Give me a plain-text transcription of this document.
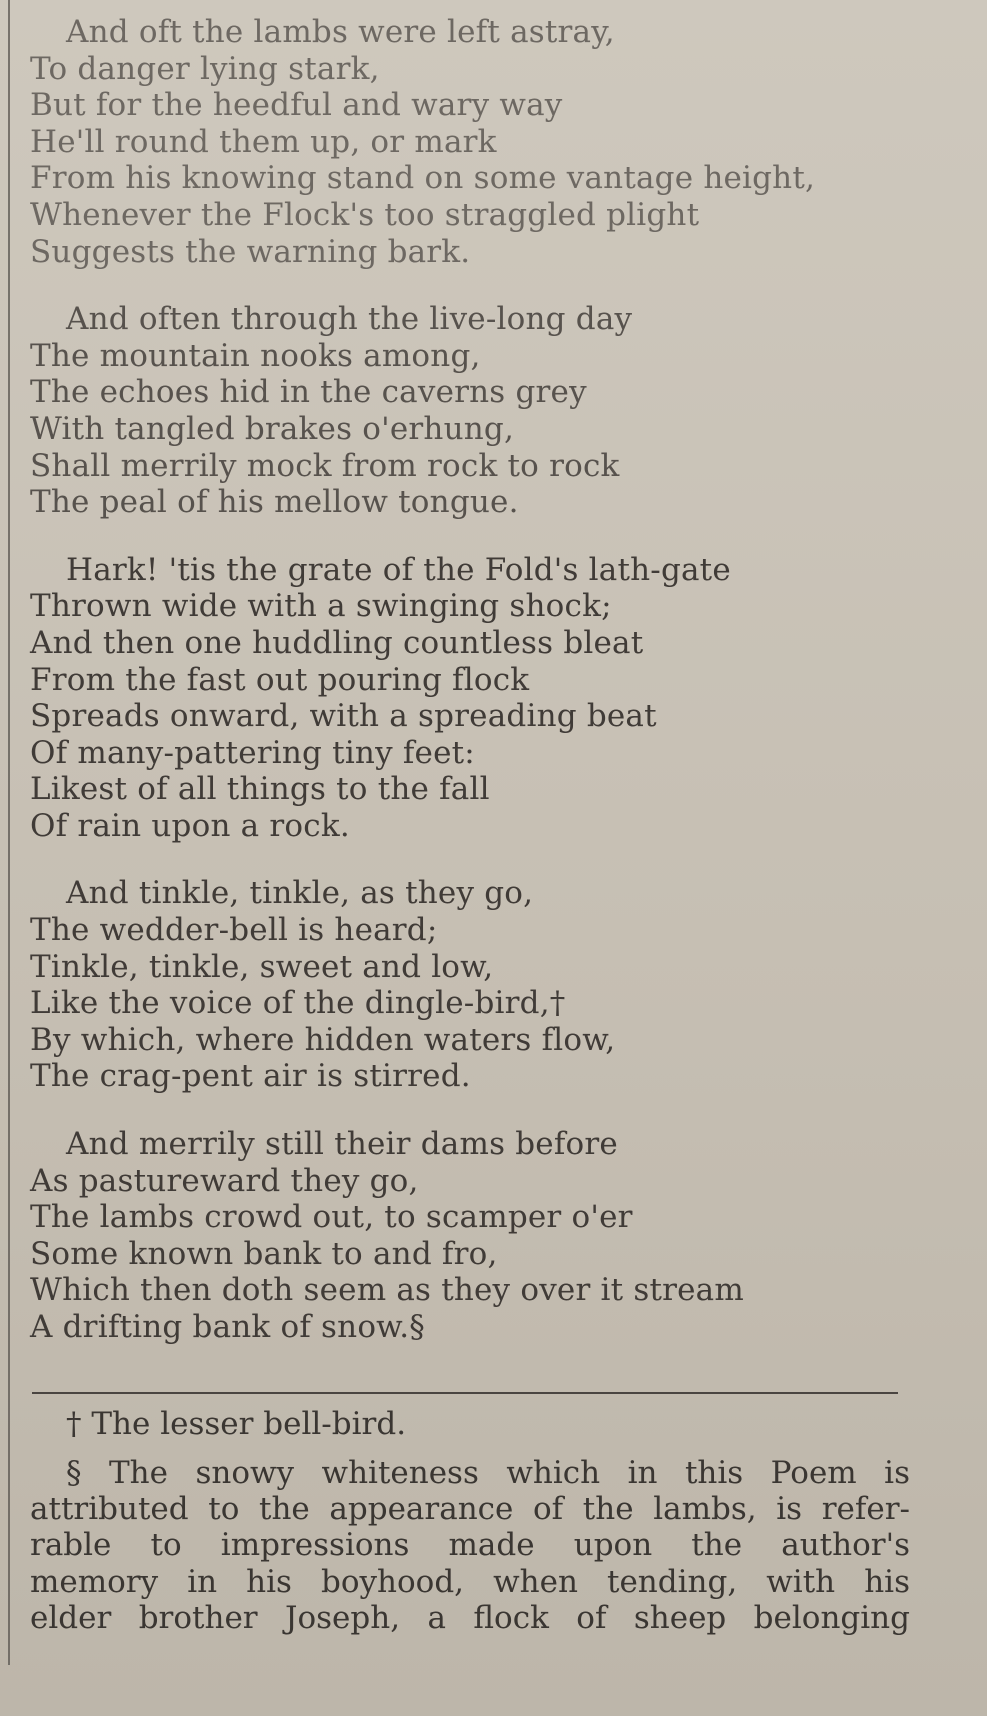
And oft the lambs were left astray,
To danger lying stark,
But for the heedful and wary way
He'll round them up, or mark
From his knowing stand on some vantage height,
Whenever the Flock's too straggled plight
Suggests the warning bark.
And often through the live-long day
The mountain nooks among,
The echoes hid in the caverns grey
With tangled brakes o'erhung,
Shall merrily mock from rock to rock
The peal of his mellow tongue.
Hark! 'tis the grate of the Fold's lath-gate
Thrown wide with a swinging shock;
And then one huddling countless bleat
From the fast out pouring flock
Spreads onward, with a spreading beat
Of many-pattering tiny feet:
Likest of all things to the fall
Of rain upon a rock.
And tinkle, tinkle, as they go,
The wedder-bell is heard;
Tinkle, tinkle, sweet and low,
Like the voice of the dingle-bird,†
By which, where hidden waters flow,
The crag-pent air is stirred.
And merrily still their dams before
As pastureward they go,
The lambs crowd out, to scamper o'er
Some known bank to and fro,
Which then doth seem as they over it stream
A drifting bank of snow.§
† The lesser bell-bird.
§ The snowy whiteness which in this Poem is
attributed to the appearance of the lambs, is refer-
rable to impressions made upon the author's
memory in his boyhood, when tending, with his
elder brother Joseph, a flock of sheep belonging
